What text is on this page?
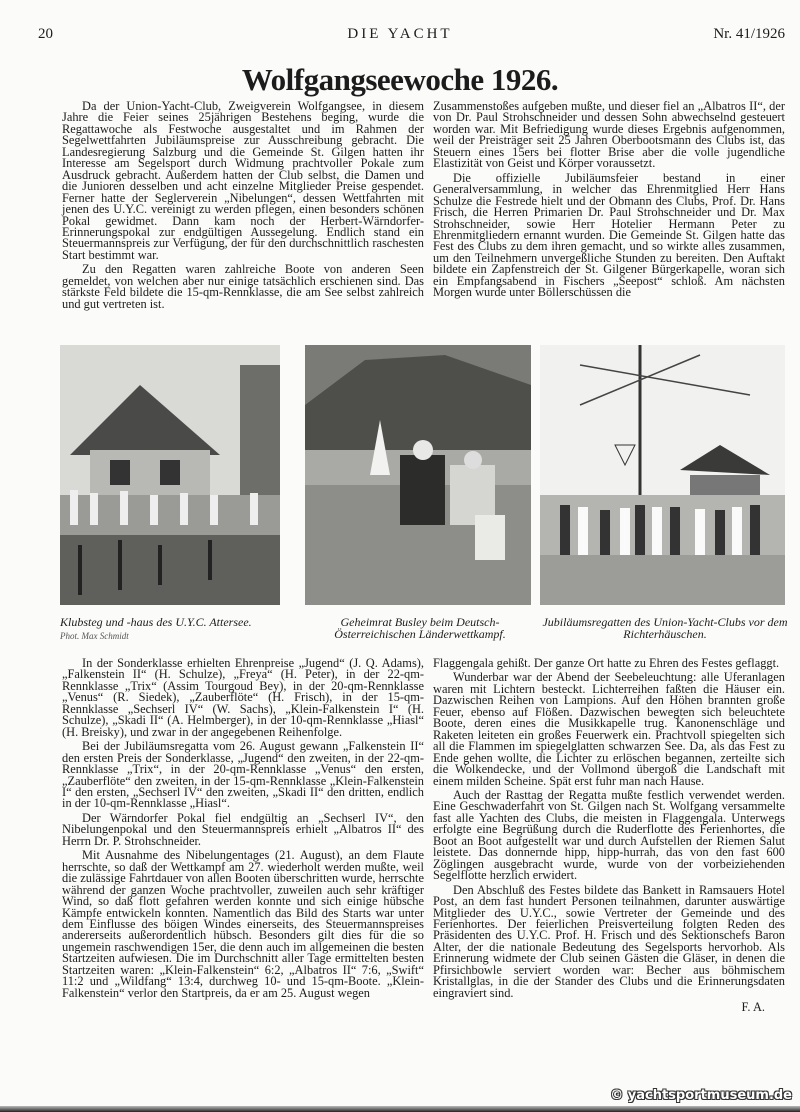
20	DIE YACHT	Nr. 41/1926
Wolfgangseewoche 1926.

Da der Union-Yacht-Club, Zweigverein Wolfgangsee, in diesem Jahre die Feier seines 25jährigen Bestehens beging, wurde die Regattawoche als Festwoche ausgestaltet und im Rahmen der Segelwettfahrten Jubiläumspreise zur Ausschreibung gebracht. Die Landesregierung Salzburg und die Gemeinde St. Gilgen hatten ihr Interesse am Segelsport durch Widmung prachtvoller Pokale zum Ausdruck gebracht. Außerdem hatten der Club selbst, die Damen und die Junioren desselben und acht einzelne Mitglieder Preise gespendet. Ferner hatte der Seglerverein „Nibelungen“, dessen Wettfahrten mit jenen des U.Y.C. vereinigt zu werden pflegen, einen besonders schönen Pokal gewidmet. Dann kam noch der Herbert-Wärndorfer-Erinnerungspokal zur endgültigen Aussegelung. Endlich stand ein Steuermannspreis zur Verfügung, der für den durchschnittlich raschesten Start bestimmt war.

Zu den Regatten waren zahlreiche Boote von anderen Seen gemeldet, von welchen aber nur einige tatsächlich erschienen sind. Das stärkste Feld bildete die 15-qm-Rennklasse, die am See selbst zahlreich und gut vertreten ist.

Zusammenstoßes aufgeben mußte, und dieser fiel an „Albatros II“, der von Dr. Paul Strohschneider und dessen Sohn abwechselnd gesteuert worden war. Mit Befriedigung wurde dieses Ergebnis aufgenommen, weil der Preisträger seit 25 Jahren Oberbootsmann des Clubs ist, das Steuern eines 15ers bei flotter Brise aber die volle jugendliche Elastizität von Geist und Körper voraussetzt.

Die offizielle Jubiläumsfeier bestand in einer Generalversammlung, in welcher das Ehrenmitglied Herr Hans Schulze die Festrede hielt und der Obmann des Clubs, Prof. Dr. Hans Frisch, die Herren Primarien Dr. Paul Strohschneider und Dr. Max Strohschneider, sowie Herr Hotelier Hermann Peter zu Ehrenmitgliedern ernannt wurden. Die Gemeinde St. Gilgen hatte das Fest des Clubs zu dem ihren gemacht, und so wirkte alles zusammen, um den Teilnehmern unvergeßliche Stunden zu bereiten. Den Auftakt bildete ein Zapfenstreich der St. Gilgener Bürgerkapelle, woran sich ein Empfangsabend in Fischers „Seepost“ schloß. Am nächsten Morgen wurde unter Böllerschüssen die

Klubsteg und -haus des U.Y.C. Attersee.
Phot. Max Schmidt
Geheimrat Busley beim Deutsch-Österreichischen Länderwettkampf.
Jubiläumsregatten des Union-Yacht-Clubs vor dem Richterhäuschen.

In der Sonderklasse erhielten Ehrenpreise „Jugend“ (J. Q. Adams), „Falkenstein II“ (H. Schulze), „Freya“ (H. Peter), in der 22-qm-Rennklasse „Trix“ (Assim Tourgoud Bey), in der 20-qm-Rennklasse „Venus“ (R. Siedek), „Zauberflöte“ (H. Frisch), in der 15-qm-Rennklasse „Sechserl IV“ (W. Sachs), „Klein-Falkenstein I“ (H. Schulze), „Skadi II“ (A. Helmberger), in der 10-qm-Rennklasse „Hiasl“ (H. Breisky), und zwar in der angegebenen Reihenfolge.

Bei der Jubiläumsregatta vom 26. August gewann „Falkenstein II“ den ersten Preis der Sonderklasse, „Jugend“ den zweiten, in der 22-qm-Rennklasse „Trix“, in der 20-qm-Rennklasse „Venus“ den ersten, „Zauberflöte“ den zweiten, in der 15-qm-Rennklasse „Klein-Falkenstein I“ den ersten, „Sechserl IV“ den zweiten, „Skadi II“ den dritten, endlich in der 10-qm-Rennklasse „Hiasl“.

Der Wärndorfer Pokal fiel endgültig an „Sechserl IV“, den Nibelungenpokal und den Steuermannspreis erhielt „Albatros II“ des Herrn Dr. P. Strohschneider.

Mit Ausnahme des Nibelungentages (21. August), an dem Flaute herrschte, so daß der Wettkampf am 27. wiederholt werden mußte, weil die zulässige Fahrtdauer von allen Booten überschritten wurde, herrschte während der ganzen Woche prachtvoller, zuweilen auch sehr kräftiger Wind, so daß flott gefahren werden konnte und sich einige hübsche Kämpfe entwickeln konnten. Namentlich das Bild des Starts war unter dem Einflusse des böigen Windes einerseits, des Steuermannspreises andererseits außerordentlich hübsch. Besonders gilt dies für die so ungemein raschwendigen 15er, die denn auch im allgemeinen die besten Startzeiten aufwiesen. Die im Durchschnitt aller Tage ermittelten besten Startzeiten waren: „Klein-Falkenstein“ 6:2, „Albatros II“ 7:6, „Swift“ 11:2 und „Wildfang“ 13:4, durchweg 10- und 15-qm-Boote. „Klein-Falkenstein“ verlor den Startpreis, da er am 25. August wegen

Flaggengala gehißt. Der ganze Ort hatte zu Ehren des Festes geflaggt.

Wunderbar war der Abend der Seebeleuchtung: alle Uferanlagen waren mit Lichtern besteckt. Lichterreihen faßten die Häuser ein. Dazwischen Reihen von Lampions. Auf den Höhen brannten große Feuer, ebenso auf Flößen. Dazwischen bewegten sich beleuchtete Boote, deren eines die Musikkapelle trug. Kanonenschläge und Raketen leiteten ein großes Feuerwerk ein. Prachtvoll spiegelten sich all die Flammen im spiegelglatten schwarzen See. Da, als das Fest zu Ende gehen wollte, die Lichter zu erlöschen begannen, zerteilte sich die Wolkendecke, und der Vollmond übergoß die Landschaft mit einem milden Scheine. Spät erst fuhr man nach Hause.

Auch der Rasttag der Regatta mußte festlich verwendet werden. Eine Geschwaderfahrt von St. Gilgen nach St. Wolfgang versammelte fast alle Yachten des Clubs, die meisten in Flaggengala. Unterwegs erfolgte eine Begrüßung durch die Ruderflotte des Ferienhortes, die Boot an Boot aufgestellt war und durch Aufstellen der Riemen Salut leistete. Das donnernde hipp, hipp-hurrah, das von den fast 600 Zöglingen ausgebracht wurde, wurde von der vorbeiziehenden Segelflotte herzlich erwidert.

Den Abschluß des Festes bildete das Bankett in Ramsauers Hotel Post, an dem fast hundert Personen teilnahmen, darunter auswärtige Mitglieder des U.Y.C., sowie Vertreter der Gemeinde und des Ferienhortes. Der feierlichen Preisverteilung folgten Reden des Präsidenten des U.Y.C. Prof. H. Frisch und des Sektionschefs Baron Alter, der die nationale Bedeutung des Segelsports hervorhob. Als Erinnerung widmete der Club seinen Gästen die Gläser, in denen die Pfirsichbowle serviert worden war: Becher aus böhmischem Kristallglas, in die der Stander des Clubs und die Erinnerungsdaten eingraviert sind.

F. A.
© yachtsportmuseum.de
